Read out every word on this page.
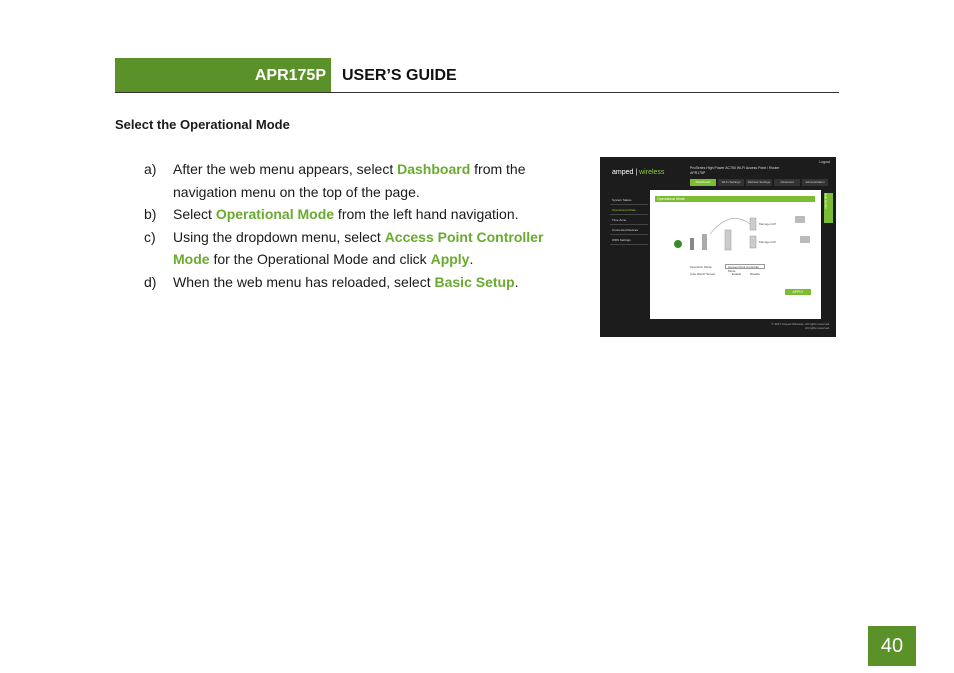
APR175P	USER’S GUIDE
Select the Operational Mode
a) After the web menu appears, select Dashboard from the navigation menu on the top of the page.
b) Select Operational Mode from the left hand navigation.
c) Using the dropdown menu, select Access Point Controller Mode for the Operational Mode and click Apply.
d) When the web menu has reloaded, select Basic Setup.
amped | wireless
ProSeries High Power AC750 Wi-Fi Access Point / Router
APR175P
Logout
Dashboard	Wi-Fi Settings	Website Settings	Advanced	Administration
System Status
Operational Mode
Time Zone
Connected Devices
WDS Settings
Operational Mode
Managed AP
Managed AP
Operation Mode:	Access Point Controller Mode
Auto DHCP Server:	Enable	Disable
APPLY
Help Center
© 2017 Amped Wireless. All rights reserved.
All rights reserved.
40
